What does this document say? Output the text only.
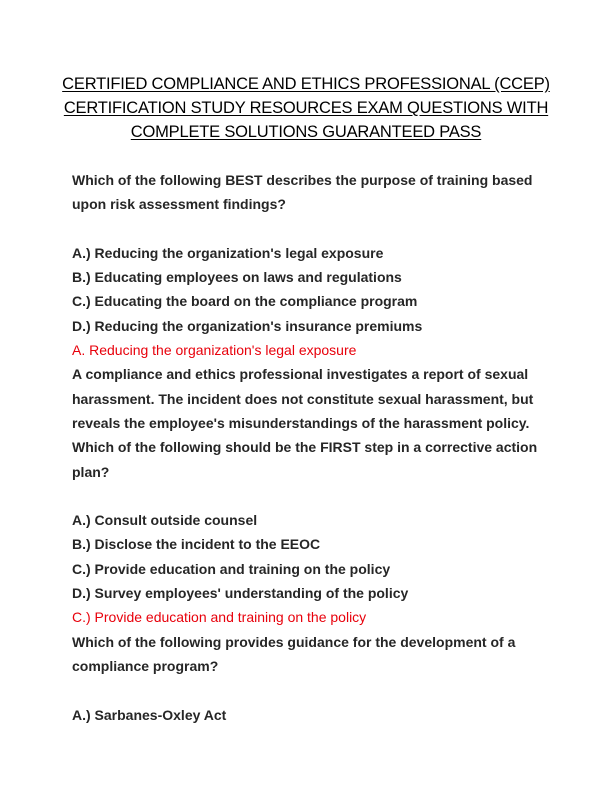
CERTIFIED COMPLIANCE AND ETHICS PROFESSIONAL (CCEP)
CERTIFICATION STUDY RESOURCES EXAM QUESTIONS WITH
COMPLETE SOLUTIONS GUARANTEED PASS
Which of the following BEST describes the purpose of training based
upon risk assessment findings?
A.) Reducing the organization's legal exposure
B.) Educating employees on laws and regulations
C.) Educating the board on the compliance program
D.) Reducing the organization's insurance premiums
A. Reducing the organization's legal exposure
A compliance and ethics professional investigates a report of sexual
harassment. The incident does not constitute sexual harassment, but
reveals the employee's misunderstandings of the harassment policy.
Which of the following should be the FIRST step in a corrective action
plan?
A.) Consult outside counsel
B.) Disclose the incident to the EEOC
C.) Provide education and training on the policy
D.) Survey employees' understanding of the policy
C.) Provide education and training on the policy
Which of the following provides guidance for the development of a
compliance program?
A.) Sarbanes-Oxley Act
